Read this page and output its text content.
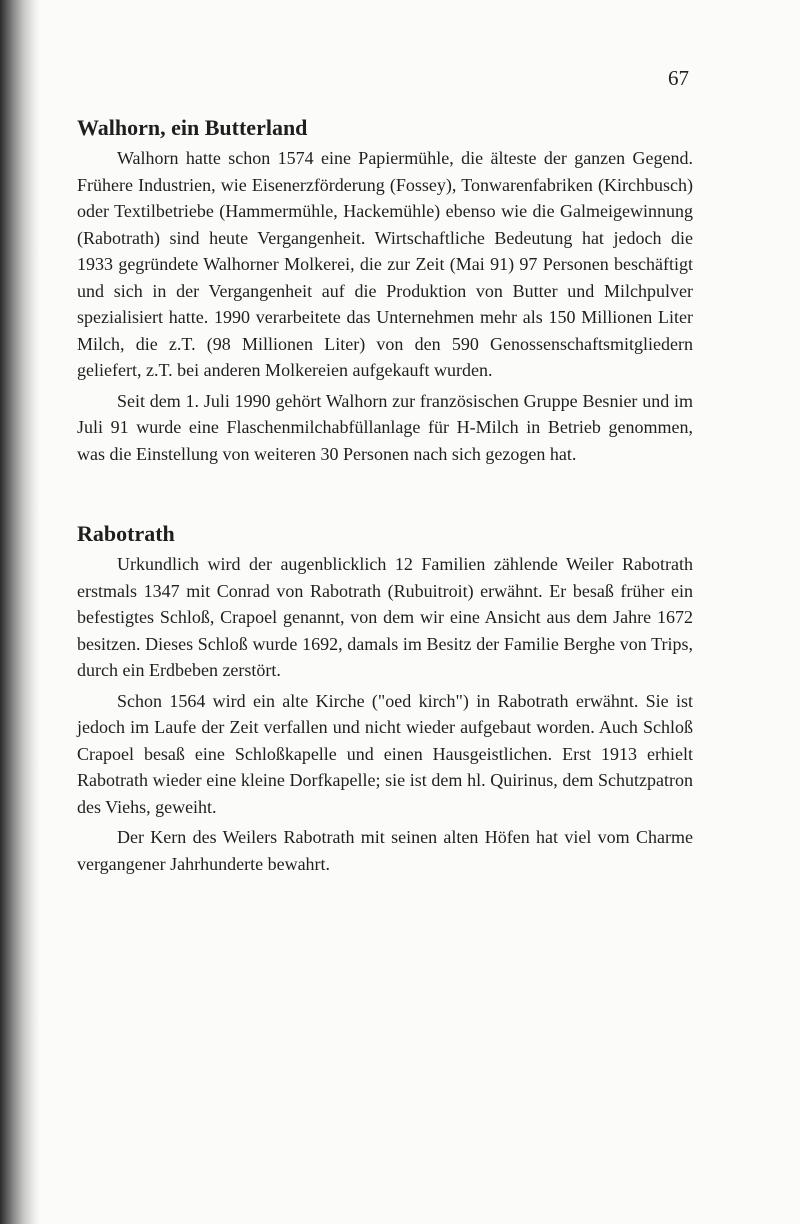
67
Walhorn, ein Butterland

Walhorn hatte schon 1574 eine Papiermühle, die älteste der ganzen Gegend. Frühere Industrien, wie Eisenerzförderung (Fossey), Tonwarenfabriken (Kirchbusch) oder Textilbetriebe (Hammermühle, Hackemühle) ebenso wie die Galmeigewinnung (Rabotrath) sind heute Vergangenheit. Wirtschaftliche Bedeutung hat jedoch die 1933 gegründete Walhorner Molkerei, die zur Zeit (Mai 91) 97 Personen beschäftigt und sich in der Vergangenheit auf die Produktion von Butter und Milchpulver spezialisiert hatte. 1990 verarbeitete das Unternehmen mehr als 150 Millionen Liter Milch, die z.T. (98 Millionen Liter) von den 590 Genossenschaftsmitgliedern geliefert, z.T. bei anderen Molkereien aufgekauft wurden.

Seit dem 1. Juli 1990 gehört Walhorn zur französischen Gruppe Besnier und im Juli 91 wurde eine Flaschenmilchabfüllanlage für H-Milch in Betrieb genommen, was die Einstellung von weiteren 30 Personen nach sich gezogen hat.

Rabotrath

Urkundlich wird der augenblicklich 12 Familien zählende Weiler Rabotrath erstmals 1347 mit Conrad von Rabotrath (Rubuitroit) erwähnt. Er besaß früher ein befestigtes Schloß, Crapoel genannt, von dem wir eine Ansicht aus dem Jahre 1672 besitzen. Dieses Schloß wurde 1692, damals im Besitz der Familie Berghe von Trips, durch ein Erdbeben zerstört.

Schon 1564 wird ein alte Kirche ("oed kirch") in Rabotrath erwähnt. Sie ist jedoch im Laufe der Zeit verfallen und nicht wieder aufgebaut worden. Auch Schloß Crapoel besaß eine Schloßkapelle und einen Hausgeistlichen. Erst 1913 erhielt Rabotrath wieder eine kleine Dorfkapelle; sie ist dem hl. Quirinus, dem Schutzpatron des Viehs, geweiht.

Der Kern des Weilers Rabotrath mit seinen alten Höfen hat viel vom Charme vergangener Jahrhunderte bewahrt.
